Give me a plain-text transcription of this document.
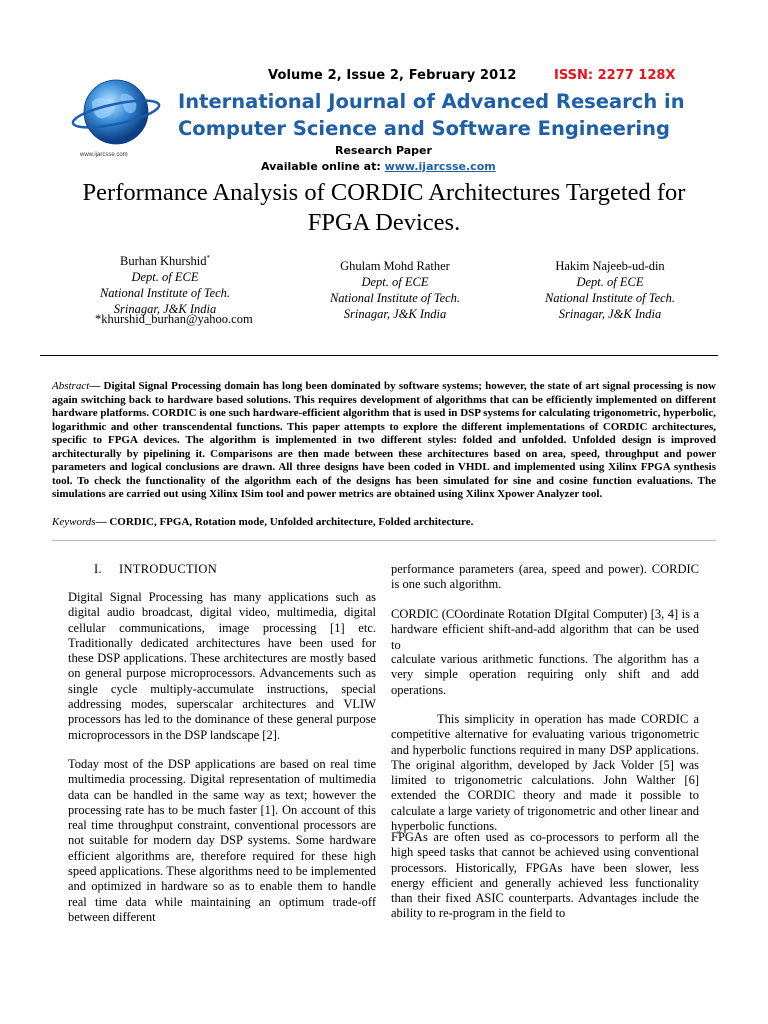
www.ijarcsse.com
Volume 2, Issue 2, February 2012	ISSN: 2277 128X
International Journal of Advanced Research in
Computer Science and Software Engineering
Research Paper
Available online at: www.ijarcsse.com
Performance Analysis of CORDIC Architectures Targeted for
FPGA Devices.
Burhan Khurshid*
Dept. of ECE
National Institute of Tech.
Srinagar, J&K India
*khurshid_burhan@yahoo.com
Ghulam Mohd Rather
Dept. of ECE
National Institute of Tech.
Srinagar, J&K India
Hakim Najeeb-ud-din
Dept. of ECE
National Institute of Tech.
Srinagar, J&K India
Abstract— Digital Signal Processing domain has long been dominated by software systems; however, the state of art signal processing is now again switching back to hardware based solutions. This requires development of algorithms that can be efficiently implemented on different hardware platforms. CORDIC is one such hardware-efficient algorithm that is used in DSP systems for calculating trigonometric, hyperbolic, logarithmic and other transcendental functions. This paper attempts to explore the different implementations of CORDIC architectures, specific to FPGA devices. The algorithm is implemented in two different styles: folded and unfolded. Unfolded design is improved architecturally by pipelining it. Comparisons are then made between these architectures based on area, speed, throughput and power parameters and logical conclusions are drawn. All three designs have been coded in VHDL and implemented using Xilinx FPGA synthesis tool. To check the functionality of the algorithm each of the designs has been simulated for sine and cosine function evaluations. The simulations are carried out using Xilinx ISim tool and power metrics are obtained using Xilinx Xpower Analyzer tool.
Keywords— CORDIC, FPGA, Rotation mode, Unfolded architecture, Folded architecture.
I. INTRODUCTION
Digital Signal Processing has many applications such as digital audio broadcast, digital video, multimedia, digital cellular communications, image processing [1] etc. Traditionally dedicated architectures have been used for these DSP applications. These architectures are mostly based on general purpose microprocessors. Advancements such as single cycle multiply-accumulate instructions, special addressing modes, superscalar architectures and VLIW processors has led to the dominance of these general purpose microprocessors in the DSP landscape [2].
Today most of the DSP applications are based on real time multimedia processing. Digital representation of multimedia data can be handled in the same way as text; however the processing rate has to be much faster [1]. On account of this real time throughput constraint, conventional processors are not suitable for modern day DSP systems. Some hardware efficient algorithms are, therefore required for these high speed applications. These algorithms need to be implemented and optimized in hardware so as to enable them to handle real time data while maintaining an optimum trade-off between different
performance parameters (area, speed and power). CORDIC is one such algorithm.
CORDIC (COordinate Rotation DIgital Computer) [3, 4] is a hardware efficient shift-and-add algorithm that can be used to
calculate various arithmetic functions. The algorithm has a very simple operation requiring only shift and add operations.
This simplicity in operation has made CORDIC a competitive alternative for evaluating various trigonometric and hyperbolic functions required in many DSP applications. The original algorithm, developed by Jack Volder [5] was limited to trigonometric calculations. John Walther [6] extended the CORDIC theory and made it possible to calculate a large variety of trigonometric and other linear and hyperbolic functions.
FPGAs are often used as co-processors to perform all the high speed tasks that cannot be achieved using conventional processors. Historically, FPGAs have been slower, less energy efficient and generally achieved less functionality than their fixed ASIC counterparts. Advantages include the ability to re-program in the field to
